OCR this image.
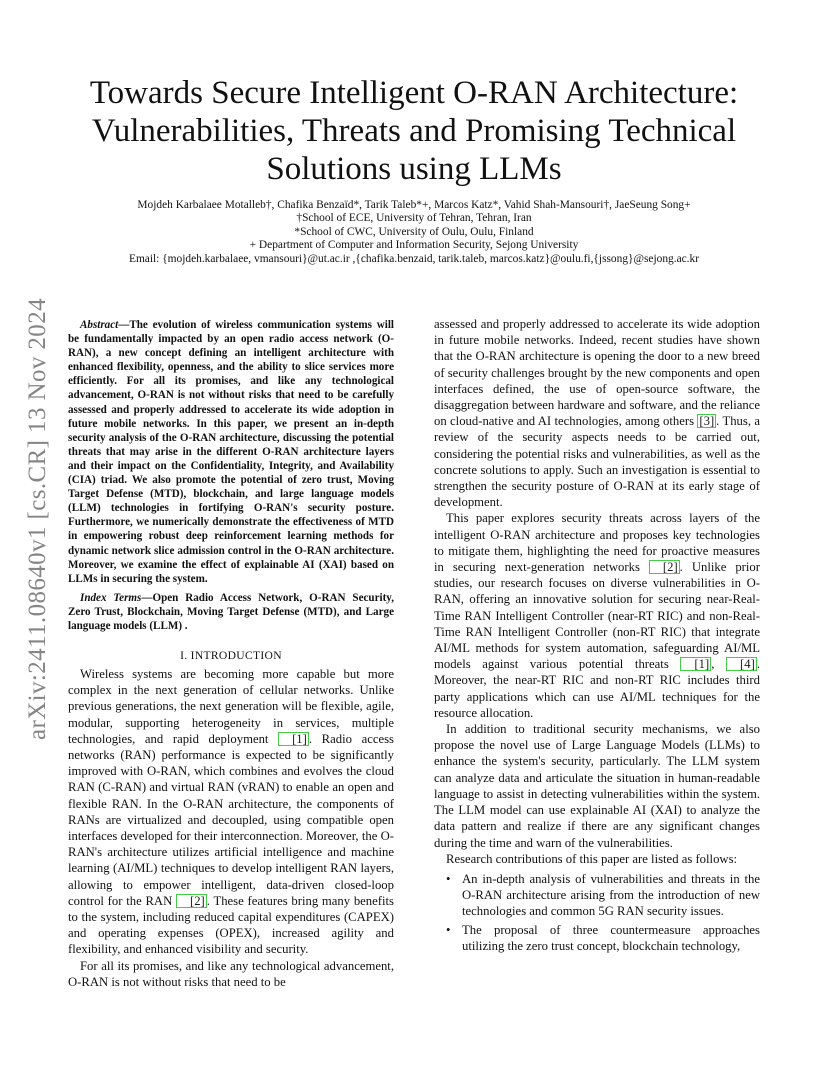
arXiv:2411.08640v1 [cs.CR] 13 Nov 2024
Towards Secure Intelligent O-RAN Architecture:
Vulnerabilities, Threats and Promising Technical
Solutions using LLMs
Mojdeh Karbalaee Motalleb†, Chafika Benzaïd*, Tarik Taleb*+, Marcos Katz*, Vahid Shah-Mansouri†, JaeSeung Song+
†School of ECE, University of Tehran, Tehran, Iran
*School of CWC, University of Oulu, Oulu, Finland
+ Department of Computer and Information Security, Sejong University
Email: {mojdeh.karbalaee, vmansouri}@ut.ac.ir ,{chafika.benzaid, tarik.taleb, marcos.katz}@oulu.fi,{jssong}@sejong.ac.kr

Abstract—The evolution of wireless communication systems will be fundamentally impacted by an open radio access network (O-RAN), a new concept defining an intelligent architecture with enhanced flexibility, openness, and the ability to slice services more efficiently. For all its promises, and like any technological advancement, O-RAN is not without risks that need to be carefully assessed and properly addressed to accelerate its wide adoption in future mobile networks. In this paper, we present an in-depth security analysis of the O-RAN architecture, discussing the potential threats that may arise in the different O-RAN architecture layers and their impact on the Confidentiality, Integrity, and Availability (CIA) triad. We also promote the potential of zero trust, Moving Target Defense (MTD), blockchain, and large language models (LLM) technologies in fortifying O-RAN's security posture. Furthermore, we numerically demonstrate the effectiveness of MTD in empowering robust deep reinforcement learning methods for dynamic network slice admission control in the O-RAN architecture. Moreover, we examine the effect of explainable AI (XAI) based on LLMs in securing the system.

Index Terms—Open Radio Access Network, O-RAN Security, Zero Trust, Blockchain, Moving Target Defense (MTD), and Large language models (LLM) .

I. INTRODUCTION

Wireless systems are becoming more capable but more complex in the next generation of cellular networks. Unlike previous generations, the next generation will be flexible, agile, modular, supporting heterogeneity in services, multiple technologies, and rapid deployment [1] . Radio access networks (RAN) performance is expected to be significantly improved with O-RAN, which combines and evolves the cloud RAN (C-RAN) and virtual RAN (vRAN) to enable an open and flexible RAN. In the O-RAN architecture, the components of RANs are virtualized and decoupled, using compatible open interfaces developed for their interconnection. Moreover, the O-RAN's architecture utilizes artificial intelligence and machine learning (AI/ML) techniques to develop intelligent RAN layers, allowing to empower intelligent, data-driven closed-loop control for the RAN [2] . These features bring many benefits to the system, including reduced capital expenditures (CAPEX) and operating expenses (OPEX), increased agility and flexibility, and enhanced visibility and security.

For all its promises, and like any technological advancement, O-RAN is not without risks that need to be

assessed and properly addressed to accelerate its wide adoption in future mobile networks. Indeed, recent studies have shown that the O-RAN architecture is opening the door to a new breed of security challenges brought by the new components and open interfaces defined, the use of open-source software, the disaggregation between hardware and software, and the reliance on cloud-native and AI technologies, among others [3] . Thus, a review of the security aspects needs to be carried out, considering the potential risks and vulnerabilities, as well as the concrete solutions to apply. Such an investigation is essential to strengthen the security posture of O-RAN at its early stage of development.

This paper explores security threats across layers of the intelligent O-RAN architecture and proposes key technologies to mitigate them, highlighting the need for proactive measures in securing next-generation networks [2] . Unlike prior studies, our research focuses on diverse vulnerabilities in O-RAN, offering an innovative solution for securing near-Real-Time RAN Intelligent Controller (near-RT RIC) and non-Real-Time RAN Intelligent Controller (non-RT RIC) that integrate AI/ML methods for system automation, safeguarding AI/ML models against various potential threats [1] , [4] . Moreover, the near-RT RIC and non-RT RIC includes third party applications which can use AI/ML techniques for the resource allocation.

In addition to traditional security mechanisms, we also propose the novel use of Large Language Models (LLMs) to enhance the system's security, particularly. The LLM system can analyze data and articulate the situation in human-readable language to assist in detecting vulnerabilities within the system. The LLM model can use explainable AI (XAI) to analyze the data pattern and realize if there are any significant changes during the time and warn of the vulnerabilities.

Research contributions of this paper are listed as follows:

• An in-depth analysis of vulnerabilities and threats in the O-RAN architecture arising from the introduction of new technologies and common 5G RAN security issues.
• The proposal of three countermeasure approaches utilizing the zero trust concept, blockchain technology,
